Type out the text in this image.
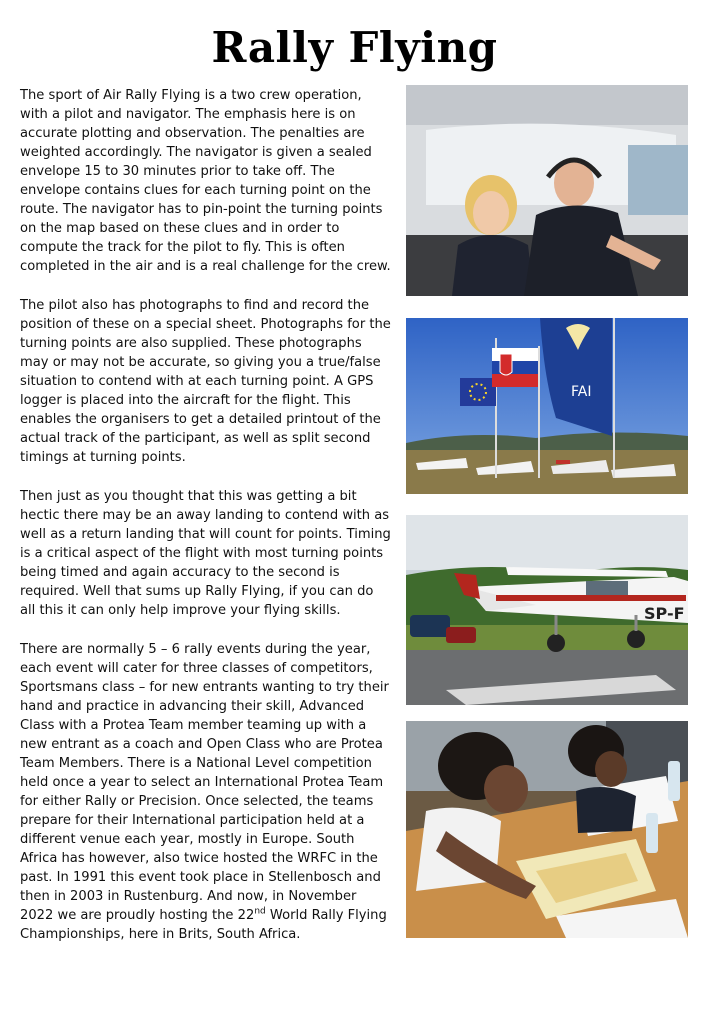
Rally Flying

The sport of Air Rally Flying is a two crew operation, with a pilot and navigator. The emphasis here is on accurate plotting and observation. The penalties are weighted accordingly. The navigator is given a sealed envelope 15 to 30 minutes prior to take off. The envelope contains clues for each turning point on the route. The navigator has to pin-point the turning points on the map based on these clues and in order to compute the track for the pilot to fly. This is often completed in the air and is a real challenge for the crew.

The pilot also has photographs to find and record the position of these on a special sheet. Photographs for the turning points are also supplied. These photographs may or may not be accurate, so giving you a true/false situation to contend with at each turning point. A GPS logger is placed into the aircraft for the flight. This enables the organisers to get a detailed printout of the actual track of the participant, as well as split second timings at turning points.

Then just as you thought that this was getting a bit hectic there may be an away landing to contend with as well as a return landing that will count for points. Timing is a critical aspect of the flight with most turning points being timed and again accuracy to the second is required. Well that sums up Rally Flying, if you can do all this it can only help improve your flying skills.

There are normally 5 – 6 rally events during the year, each event will cater for three classes of competitors, Sportsmans class – for new entrants wanting to try their hand and practice in advancing their skill, Advanced Class with a Protea Team member teaming up with a new entrant as a coach and Open Class who are Protea Team Members. There is a National Level competition held once a year to select an International Protea Team for either Rally or Precision. Once selected, the teams prepare for their International participation held at a different venue each year, mostly in Europe. South Africa has however, also twice hosted the WRFC in the past. In 1991 this event took place in Stellenbosch and then in 2003 in Rustenburg. And now, in November 2022 we are proudly hosting the 22nd World Rally Flying Championships, here in Brits, South Africa.

FAI
SP-F
